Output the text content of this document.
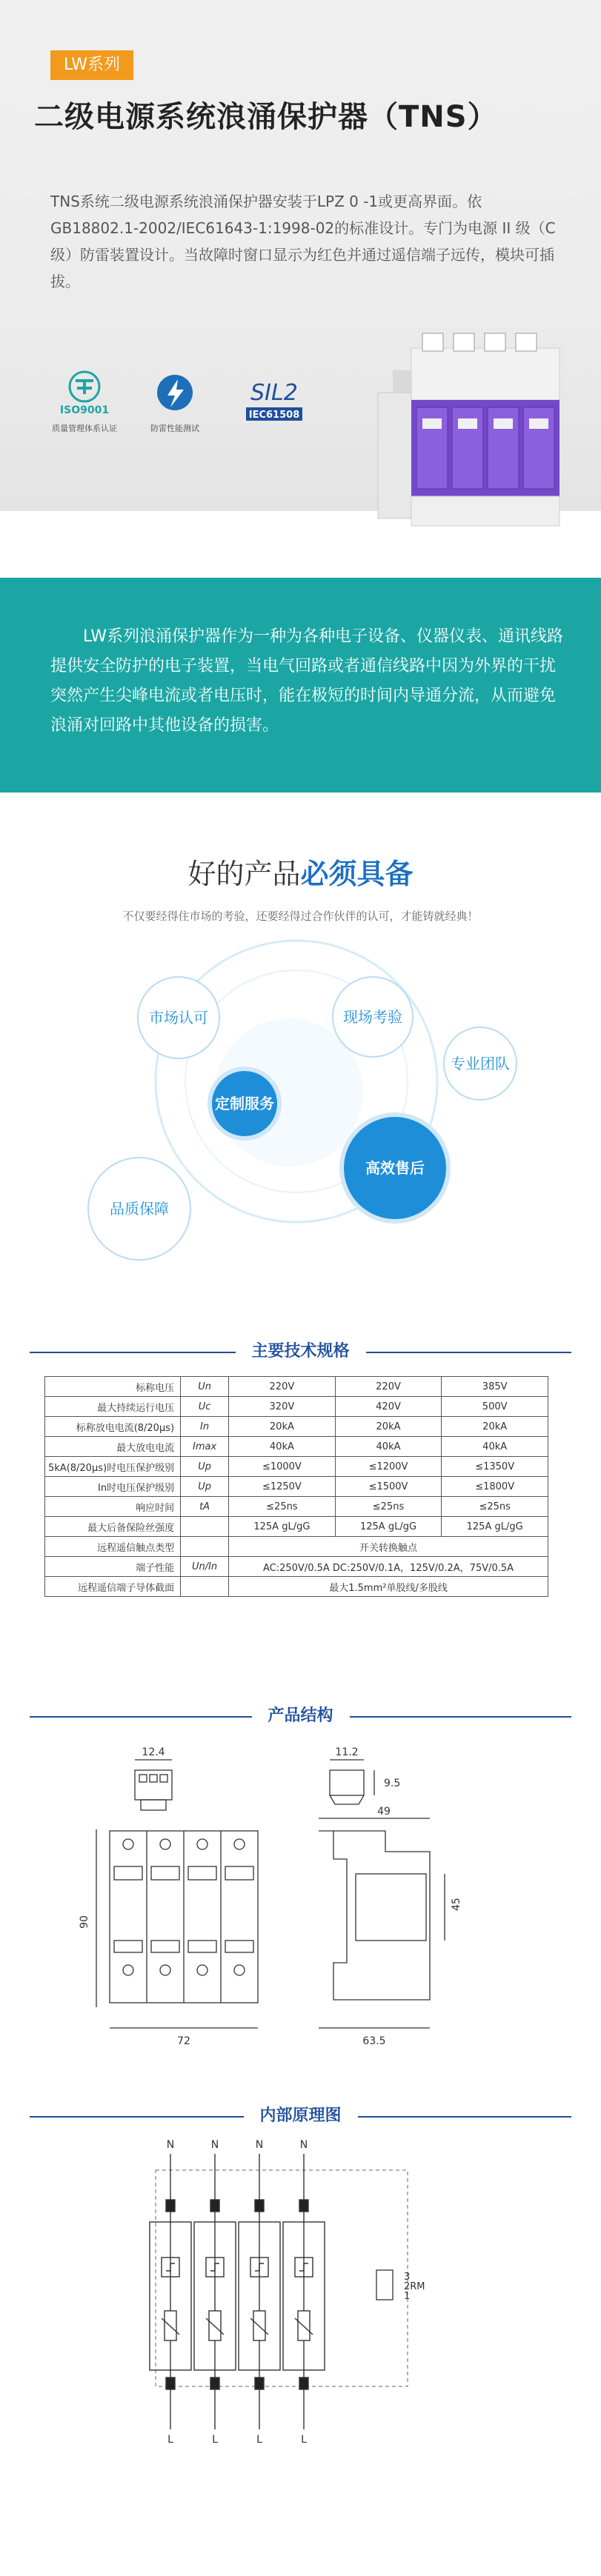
LW系列
二级电源系统浪涌保护器（TNS）
TNS系统二级电源系统浪涌保护器安装于LPZ 0 -1或更高界面。依GB18802.1-2002/IEC61643-1:1998-02的标准设计。专门为电源 II 级（C级）防雷装置设计。当故障时窗口显示为红色并通过遥信端子远传，模块可插拔。
ISO9001
质量管理体系认证	防雷性能测试
SIL2
IEC61508
LW系列浪涌保护器作为一种为各种电子设备、仪器仪表、通讯线路提供安全防护的电子装置，当电气回路或者通信线路中因为外界的干扰突然产生尖峰电流或者电压时，能在极短的时间内导通分流，从而避免浪涌对回路中其他设备的损害。
好的产品必须具备
不仅要经得住市场的考验，还要经得过合作伙伴的认可，才能铸就经典！
市场认可	现场考验
专业团队
定制服务
高效售后
品质保障
主要技术规格
标称电压	Un	220V	220V	385V
最大持续运行电压	Uc	320V	420V	500V
标称放电电流(8/20μs)	In	20kA	20kA	20kA
最大放电电流	Imax	40kA	40kA	40kA
5kA(8/20μs)时电压保护级别	Up	≤1000V	≤1200V	≤1350V
In时电压保护级别	Up	≤1250V	≤1500V	≤1800V
响应时间	tA	≤25ns	≤25ns	≤25ns
最大后备保险丝强度		125A gL/gG	125A gL/gG	125A gL/gG
远程遥信触点类型		开关转换触点		
端子性能	Un/In	AC:250V/0.5A DC:250V/0.1A，125V/0.2A，75V/0.5A		
远程遥信端子导体截面		最大1.5mm²单股线/多股线		
产品结构
12.4	11.2
9.5
90
72
49
45
63.5
内部原理图
N
L
N
L
N
L
N
L
3
2RM
1
